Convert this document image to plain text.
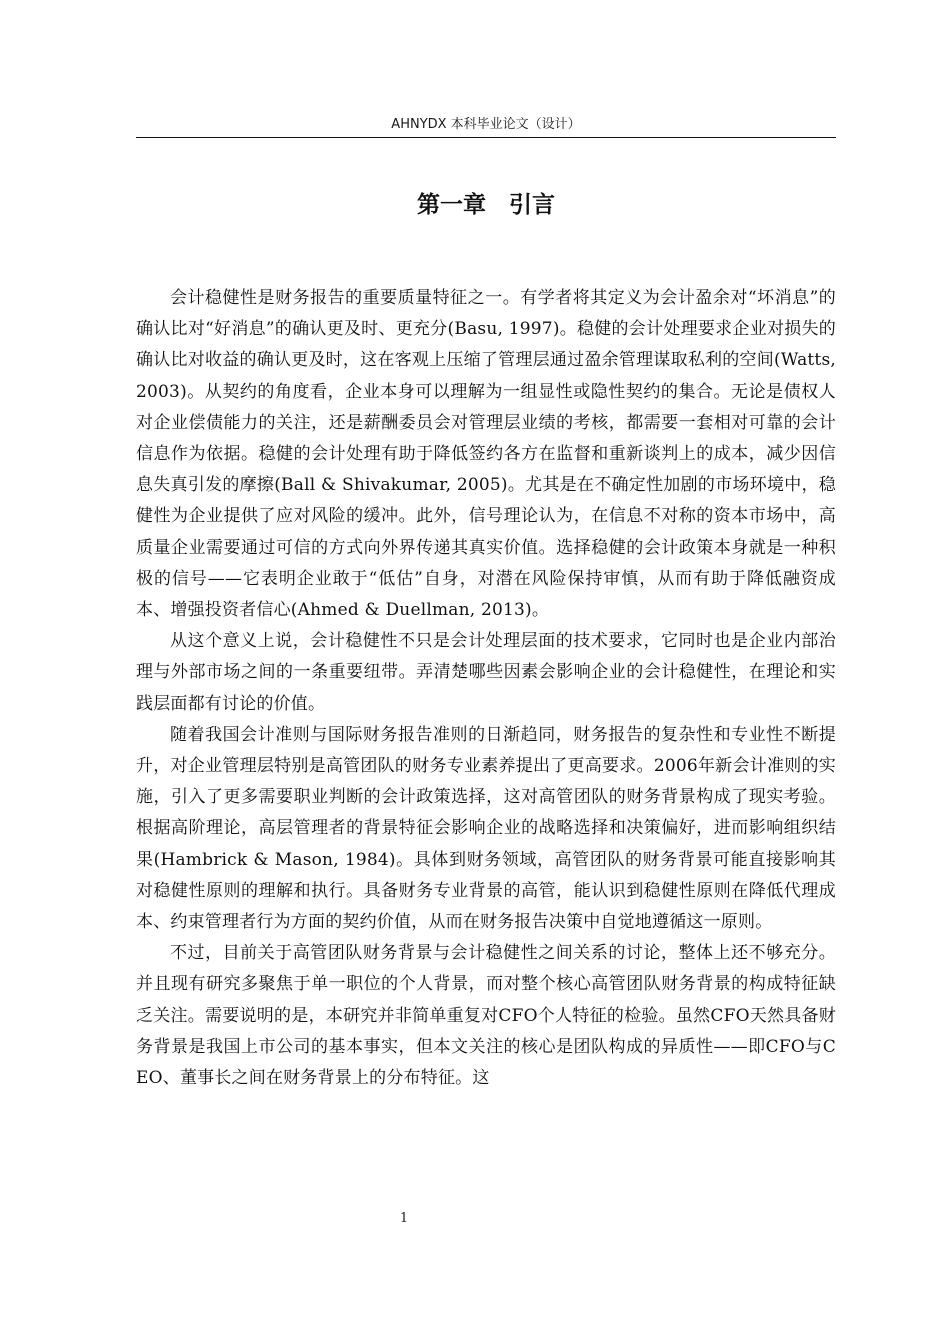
AHNYDX 本科毕业论文（设计）
第一章　引言

会计稳健性是财务报告的重要质量特征之一。有学者将其定义为会计盈余对“坏消息”的确认比对“好消息”的确认更及时、更充分(Basu, 1997)。稳健的会计处理要求企业对损失的确认比对收益的确认更及时，这在客观上压缩了管理层通过盈余管理谋取私利的空间(Watts, 2003)。从契约的角度看，企业本身可以理解为一组显性或隐性契约的集合。无论是债权人对企业偿债能力的关注，还是薪酬委员会对管理层业绩的考核，都需要一套相对可靠的会计信息作为依据。稳健的会计处理有助于降低签约各方在监督和重新谈判上的成本，减少因信息失真引发的摩擦(Ball & Shivakumar, 2005)。尤其是在不确定性加剧的市场环境中，稳健性为企业提供了应对风险的缓冲。此外，信号理论认为，在信息不对称的资本市场中，高质量企业需要通过可信的方式向外界传递其真实价值。选择稳健的会计政策本身就是一种积极的信号——它表明企业敢于“低估”自身，对潜在风险保持审慎，从而有助于降低融资成本、增强投资者信心(Ahmed & Duellman, 2013)。

从这个意义上说，会计稳健性不只是会计处理层面的技术要求，它同时也是企业内部治理与外部市场之间的一条重要纽带。弄清楚哪些因素会影响企业的会计稳健性，在理论和实践层面都有讨论的价值。

随着我国会计准则与国际财务报告准则的日渐趋同，财务报告的复杂性和专业性不断提升，对企业管理层特别是高管团队的财务专业素养提出了更高要求。2006年新会计准则的实施，引入了更多需要职业判断的会计政策选择，这对高管团队的财务背景构成了现实考验。根据高阶理论，高层管理者的背景特征会影响企业的战略选择和决策偏好，进而影响组织结果(Hambrick & Mason, 1984)。具体到财务领域，高管团队的财务背景可能直接影响其对稳健性原则的理解和执行。具备财务专业背景的高管，能认识到稳健性原则在降低代理成本、约束管理者行为方面的契约价值，从而在财务报告决策中自觉地遵循这一原则。

不过，目前关于高管团队财务背景与会计稳健性之间关系的讨论，整体上还不够充分。并且现有研究多聚焦于单一职位的个人背景，而对整个核心高管团队财务背景的构成特征缺乏关注。需要说明的是，本研究并非简单重复对CFO个人特征的检验。虽然CFO天然具备财务背景是我国上市公司的基本事实，但本文关注的核心是团队构成的异质性——即CFO与CEO、董事长之间在财务背景上的分布特征。这

1
